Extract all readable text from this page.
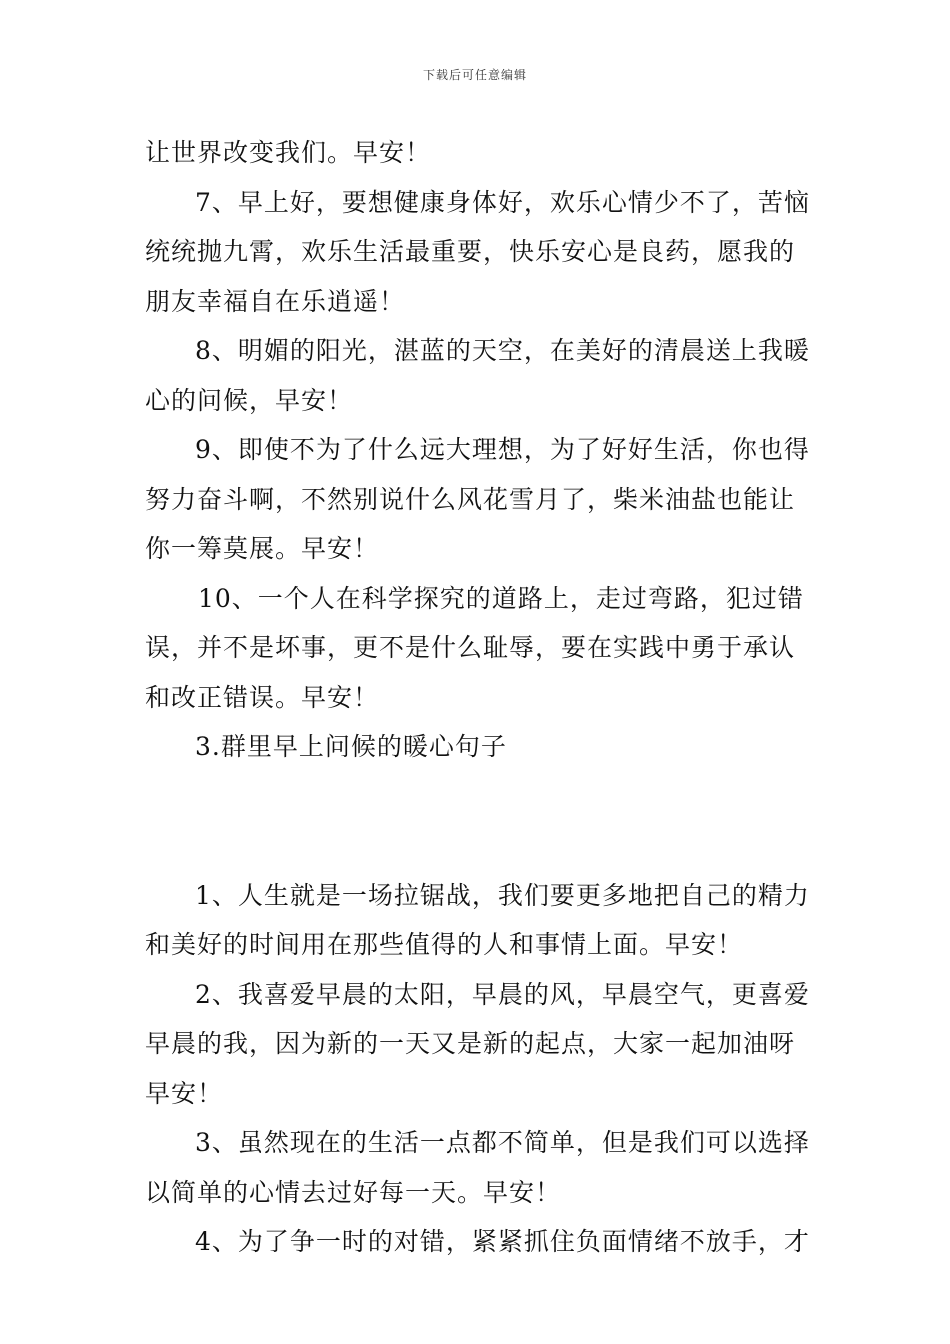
下载后可任意编辑
让世界改变我们。早安！
7、早上好，要想健康身体好，欢乐心情少不了，苦恼
统统抛九霄，欢乐生活最重要，快乐安心是良药，愿我的
朋友幸福自在乐逍遥！
8、明媚的阳光，湛蓝的天空，在美好的清晨送上我暖
心的问候，早安！
9、即使不为了什么远大理想，为了好好生活，你也得
努力奋斗啊，不然别说什么风花雪月了，柴米油盐也能让
你一筹莫展。早安！
10、一个人在科学探究的道路上，走过弯路，犯过错
误，并不是坏事，更不是什么耻辱，要在实践中勇于承认
和改正错误。早安！
3.群里早上问候的暖心句子
1、人生就是一场拉锯战，我们要更多地把自己的精力
和美好的时间用在那些值得的人和事情上面。早安！
2、我喜爱早晨的太阳，早晨的风，早晨空气，更喜爱
早晨的我，因为新的一天又是新的起点，大家一起加油呀
早安！
3、虽然现在的生活一点都不简单，但是我们可以选择
以简单的心情去过好每一天。早安！
4、为了争一时的对错，紧紧抓住负面情绪不放手，才
